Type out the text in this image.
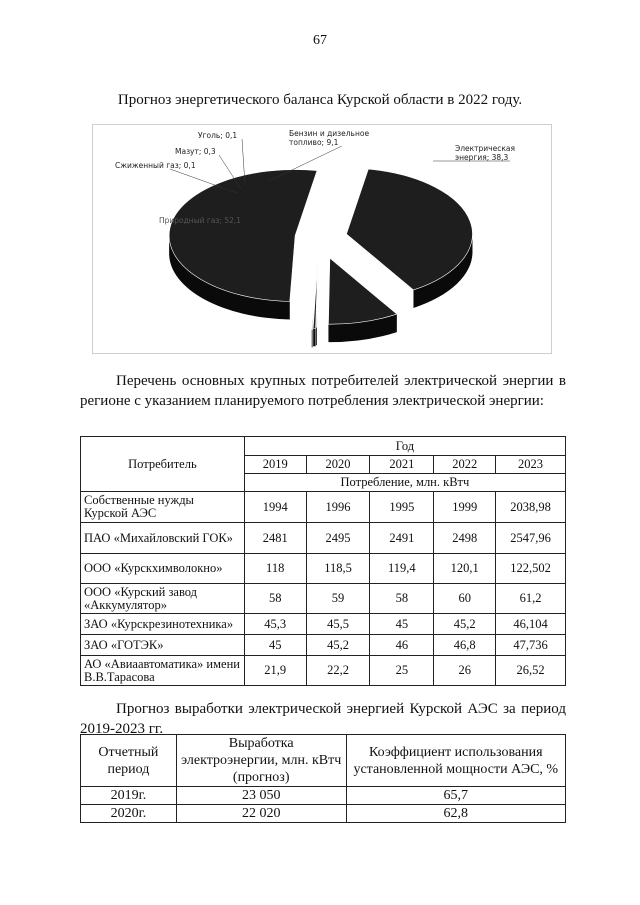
67
Прогноз энергетического баланса Курской области в 2022 году.
Электрическая
энергия; 38,3
Бензин и дизельное
топливо; 9,1
Уголь; 0,1
Мазут; 0,3
Сжиженный газ; 0,1
Природный газ; 52,1
Перечень основных крупных потребителей электрической энергии в регионе с указанием планируемого потребления электрической энергии:
Потребитель	Год				
	2019	2020	2021	2022	2023
	Потребление, млн. кВтч				
Собственные нужды Курской АЭС	1994	1996	1995	1999	2038,98
ПАО «Михайловский ГОК»	2481	2495	2491	2498	2547,96
ООО «Курскхимволокно»	118	118,5	119,4	120,1	122,502
ООО «Курский завод «Аккумулятор»	58	59	58	60	61,2
ЗАО «Курскрезинотехника»	45,3	45,5	45	45,2	46,104
ЗАО «ГОТЭК»	45	45,2	46	46,8	47,736
АО «Авиаавтоматика» имени В.В.Тарасова	21,9	22,2	25	26	26,52
Прогноз выработки электрической энергией Курской АЭС за период 2019-2023 гг.
Отчетный период	Выработка электроэнергии, млн. кВтч (прогноз)	Коэффициент использования установленной мощности АЭС, %
2019г.	23 050	65,7
2020г.	22 020	62,8
